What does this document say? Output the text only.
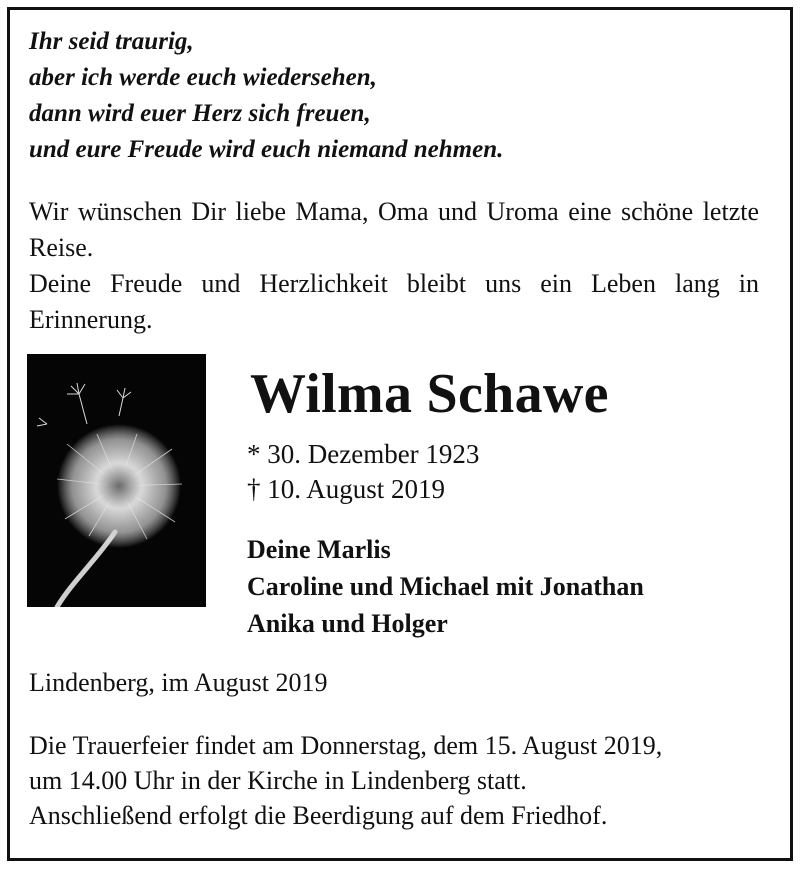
Ihr seid traurig,
aber ich werde euch wiedersehen,
dann wird euer Herz sich freuen,
und eure Freude wird euch niemand nehmen.

Wir wünschen Dir liebe Mama, Oma und Uroma eine schöne letzte Reise.

Deine Freude und Herzlichkeit bleibt uns ein Leben lang in Erinnerung.

Wilma Schawe
* 30. Dezember 1923
† 10. August 2019
Deine Marlis
Caroline und Michael mit Jonathan
Anika und Holger
Lindenberg, im August 2019
Die Trauerfeier findet am Donnerstag, dem 15. August 2019,
um 14.00 Uhr in der Kirche in Lindenberg statt.
Anschließend erfolgt die Beerdigung auf dem Friedhof.
